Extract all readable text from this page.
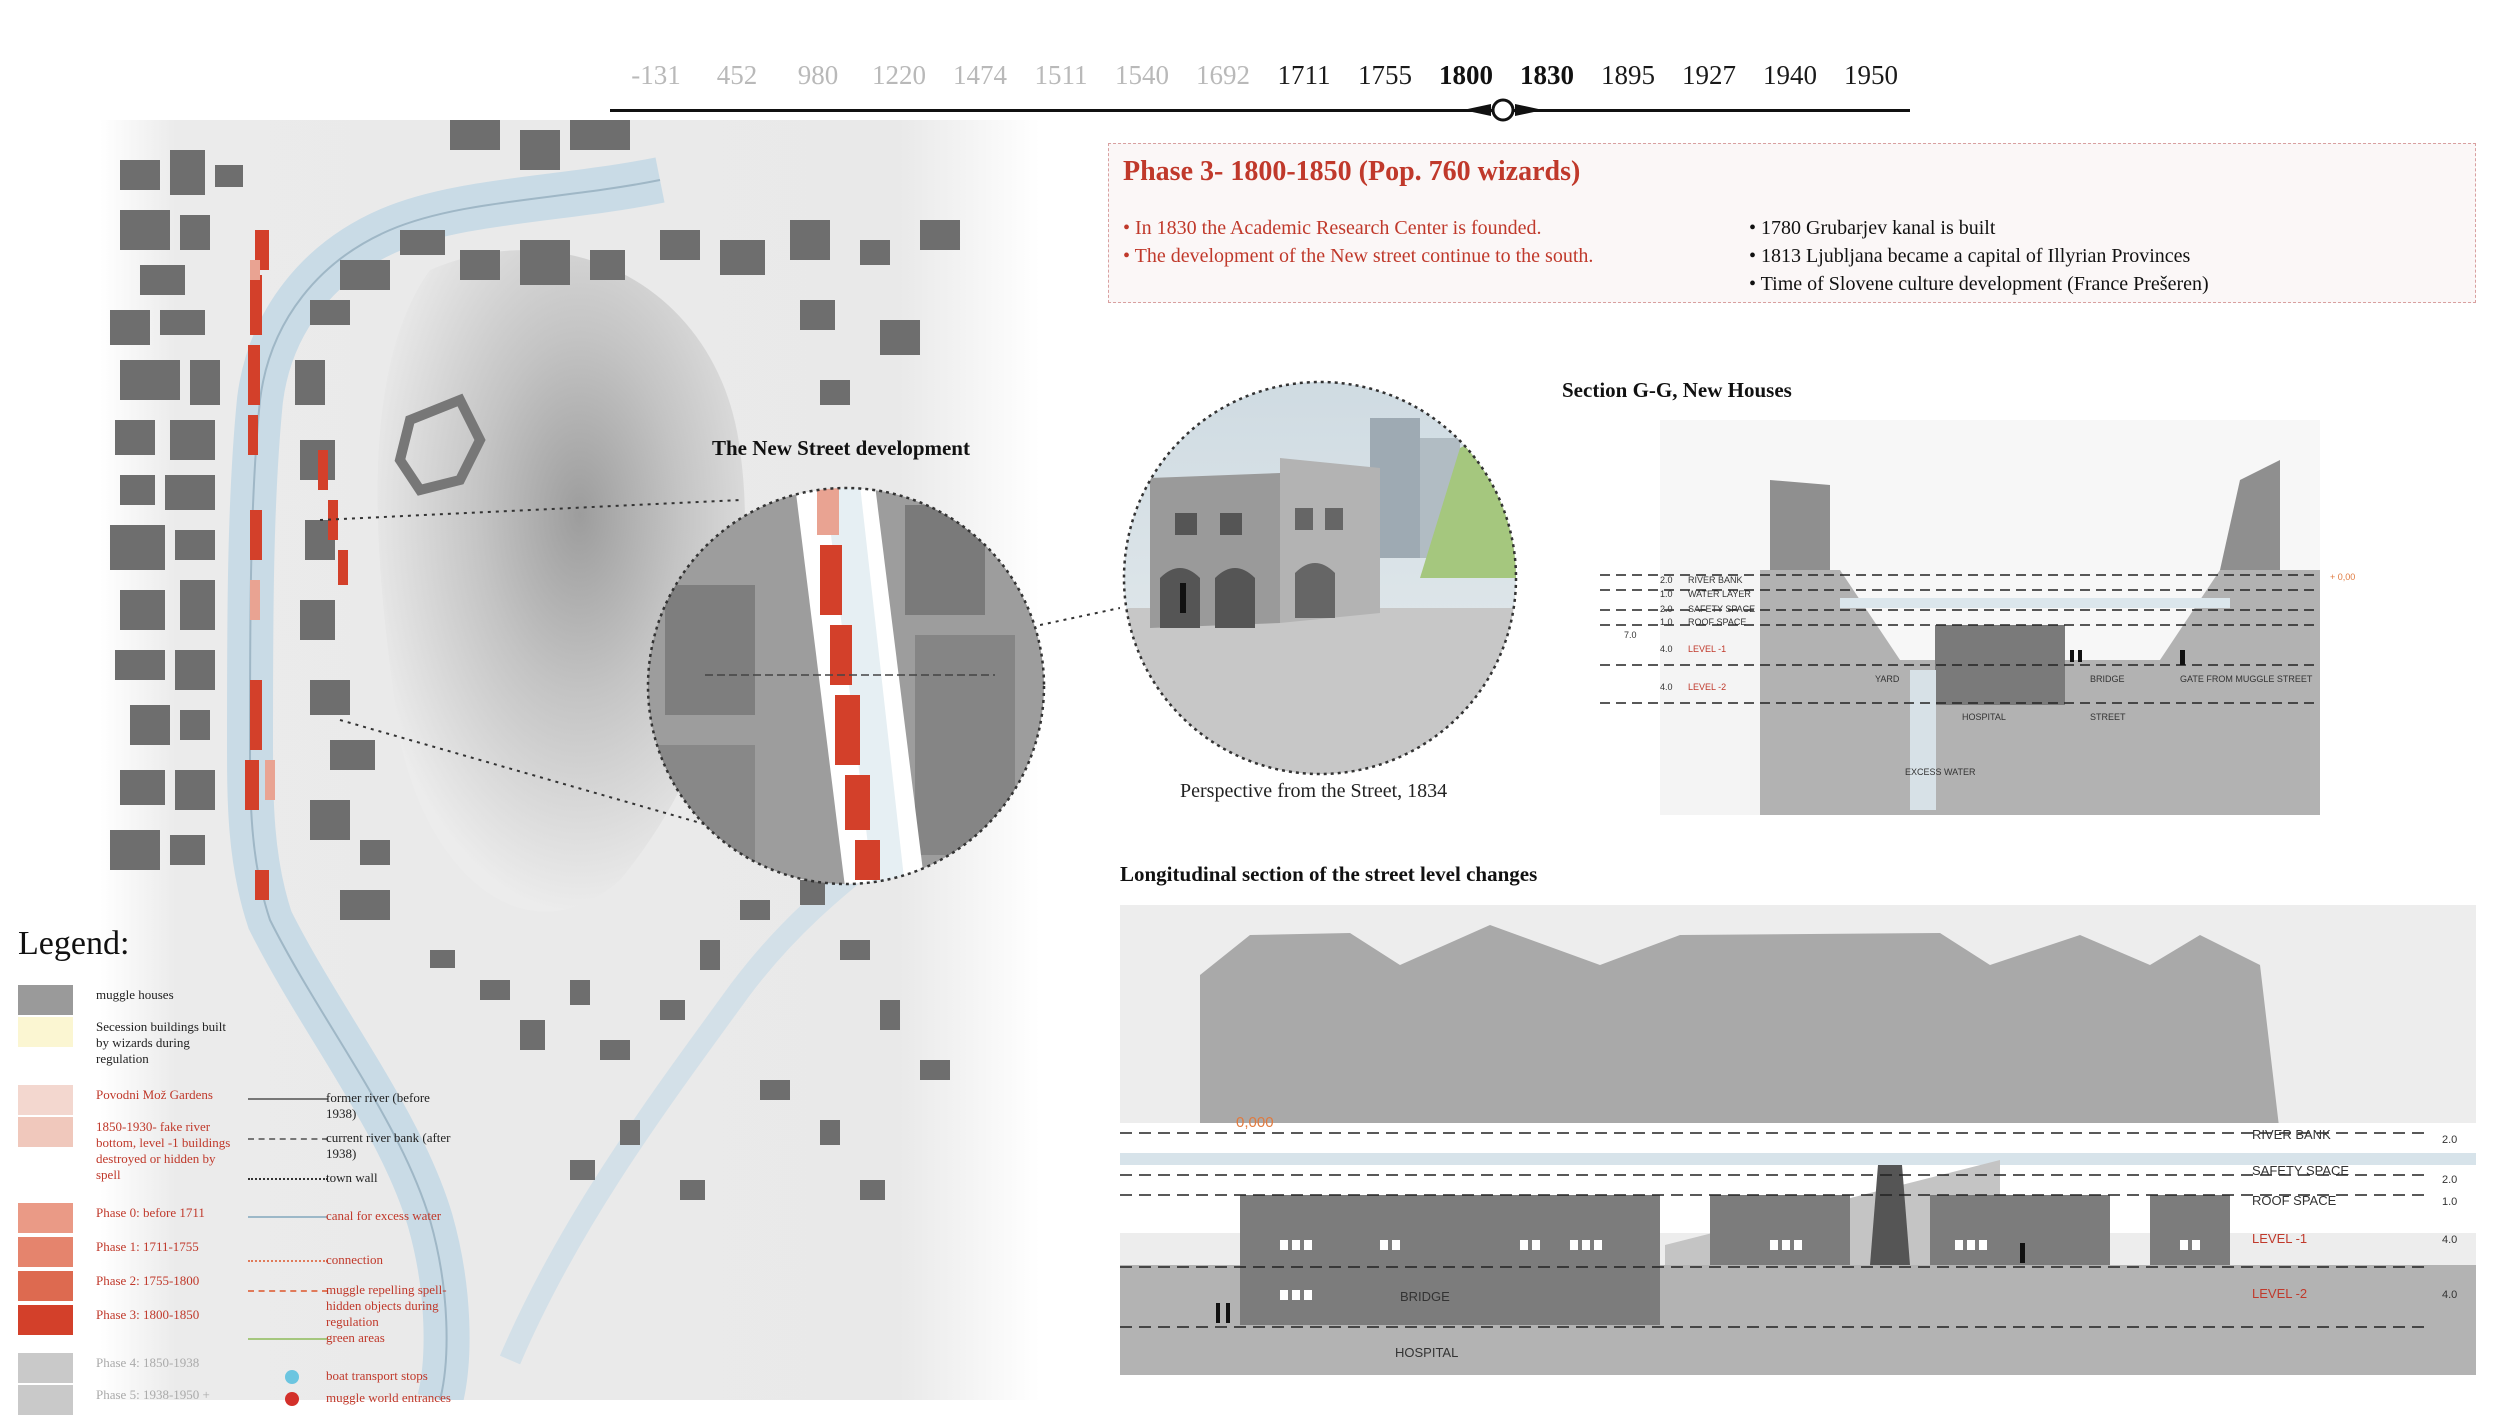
-131 452 980 1220 1474 1511 1540 1692 1711 1755 1800 1830 1895 1927 1940 1950
Phase 3- 1800-1850 (Pop. 760 wizards)
• In 1830 the Academic Research Center is founded.
• The development of the New street continue to the south.
• 1780 Grubarjev kanal is built
• 1813 Ljubljana became a capital of Illyrian Provinces
• Time of Slovene culture development (France Prešeren)
The New Street development
Perspective from the Street, 1834
Section G-G, New Houses
RIVER BANK
WATER LAYER
SAFETY SPACE
ROOF SPACE
LEVEL -1
LEVEL -2
2.0
1.0
2.0
1.0
7.0
4.0
4.0
+ 0,00
YARD
HOSPITAL
BRIDGE
STREET
GATE FROM MUGGLE STREET
EXCESS WATER
Longitudinal section of the street level changes
RIVER BANK
SAFETY SPACE
ROOF SPACE
LEVEL -1
LEVEL -2
2.0
2.0
1.0
4.0
4.0
0,000
BRIDGE
HOSPITAL
Legend:
muggle houses
Secession buildings built by wizards during regulation
Povodni Mož Gardens
1850-1930- fake river bottom, level -1 buildings destroyed or hidden by spell
Phase 0: before 1711
Phase 1: 1711-1755
Phase 2: 1755-1800
Phase 3: 1800-1850
Phase 4: 1850-1938
Phase 5: 1938-1950 +
former river (before 1938)
current river bank (after 1938)
town wall
canal for excess water
connection
muggle repelling spell- hidden objects during regulation
green areas
boat transport stops
muggle world entrances
